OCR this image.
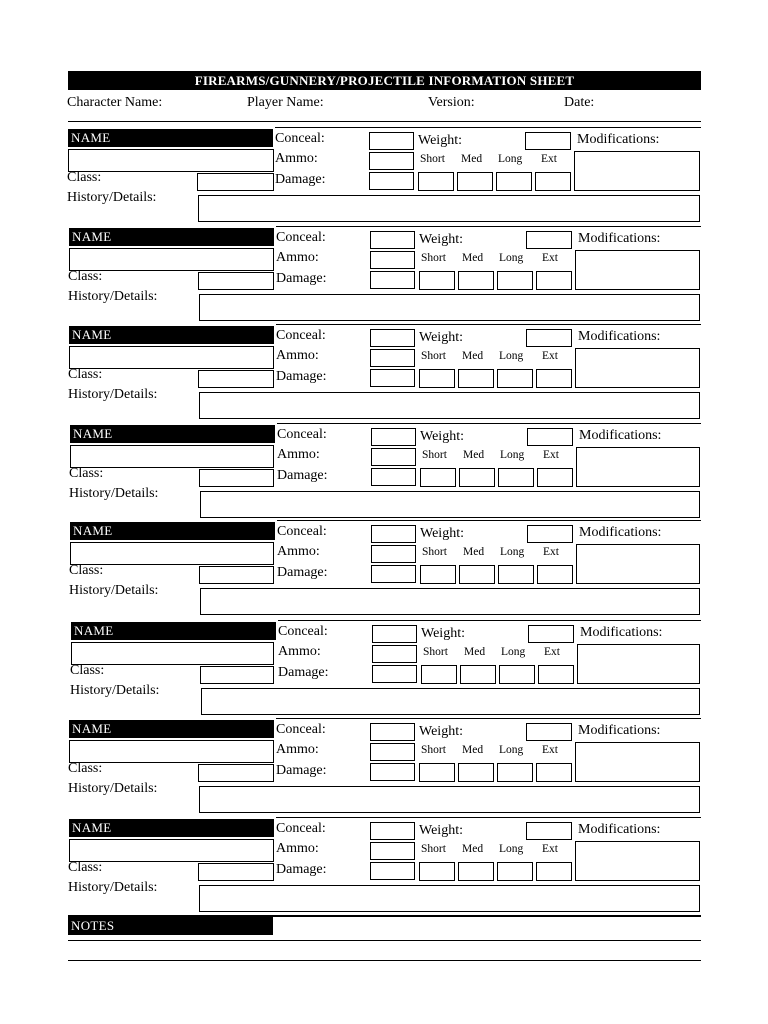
FIREARMS/GUNNERY/PROJECTILE INFORMATION SHEET
Character Name:	Player Name:	Version:	Date:
NAME
Class:
History/Details:
Conceal:
Ammo:
Damage:
Weight:
Short Med Long Ext
Modifications:
NAME
Class:
History/Details:
Conceal:
Ammo:
Damage:
Weight:
Short Med Long Ext
Modifications:
NAME
Class:
History/Details:
Conceal:
Ammo:
Damage:
Weight:
Short Med Long Ext
Modifications:
NAME
Class:
History/Details:
Conceal:
Ammo:
Damage:
Weight:
Short Med Long Ext
Modifications:
NAME
Class:
History/Details:
Conceal:
Ammo:
Damage:
Weight:
Short Med Long Ext
Modifications:
NAME
Class:
History/Details:
Conceal:
Ammo:
Damage:
Weight:
Short Med Long Ext
Modifications:
NAME
Class:
History/Details:
Conceal:
Ammo:
Damage:
Weight:
Short Med Long Ext
Modifications:
NAME
Class:
History/Details:
Conceal:
Ammo:
Damage:
Weight:
Short Med Long Ext
Modifications:
NOTES
